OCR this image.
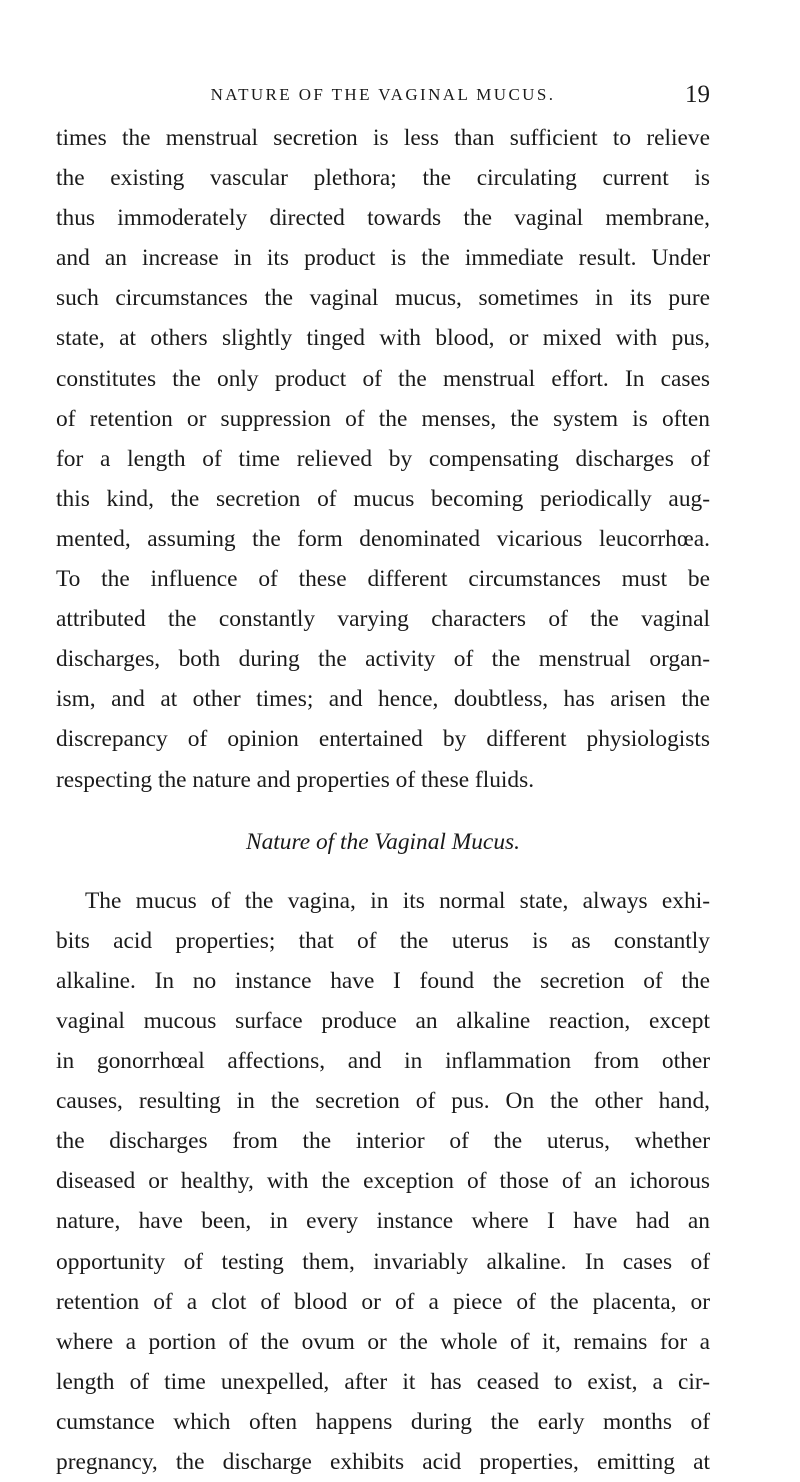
NATURE OF THE VAGINAL MUCUS.	19
times the menstrual secretion is less than sufficient to relieve
the existing vascular plethora; the circulating current is
thus immoderately directed towards the vaginal membrane,
and an increase in its product is the immediate result. Under
such circumstances the vaginal mucus, sometimes in its pure
state, at others slightly tinged with blood, or mixed with pus,
constitutes the only product of the menstrual effort. In cases
of retention or suppression of the menses, the system is often
for a length of time relieved by compensating discharges of
this kind, the secretion of mucus becoming periodically aug-
mented, assuming the form denominated vicarious leucorrhœa.
To the influence of these different circumstances must be
attributed the constantly varying characters of the vaginal
discharges, both during the activity of the menstrual organ-
ism, and at other times; and hence, doubtless, has arisen the
discrepancy of opinion entertained by different physiologists
respecting the nature and properties of these fluids.
Nature of the Vaginal Mucus.
The mucus of the vagina, in its normal state, always exhi-
bits acid properties; that of the uterus is as constantly
alkaline. In no instance have I found the secretion of the
vaginal mucous surface produce an alkaline reaction, except
in gonorrhœal affections, and in inflammation from other
causes, resulting in the secretion of pus. On the other hand,
the discharges from the interior of the uterus, whether
diseased or healthy, with the exception of those of an ichorous
nature, have been, in every instance where I have had an
opportunity of testing them, invariably alkaline. In cases of
retention of a clot of blood or of a piece of the placenta, or
where a portion of the ovum or the whole of it, remains for a
length of time unexpelled, after it has ceased to exist, a cir-
cumstance which often happens during the early months of
pregnancy, the discharge exhibits acid properties, emitting at
